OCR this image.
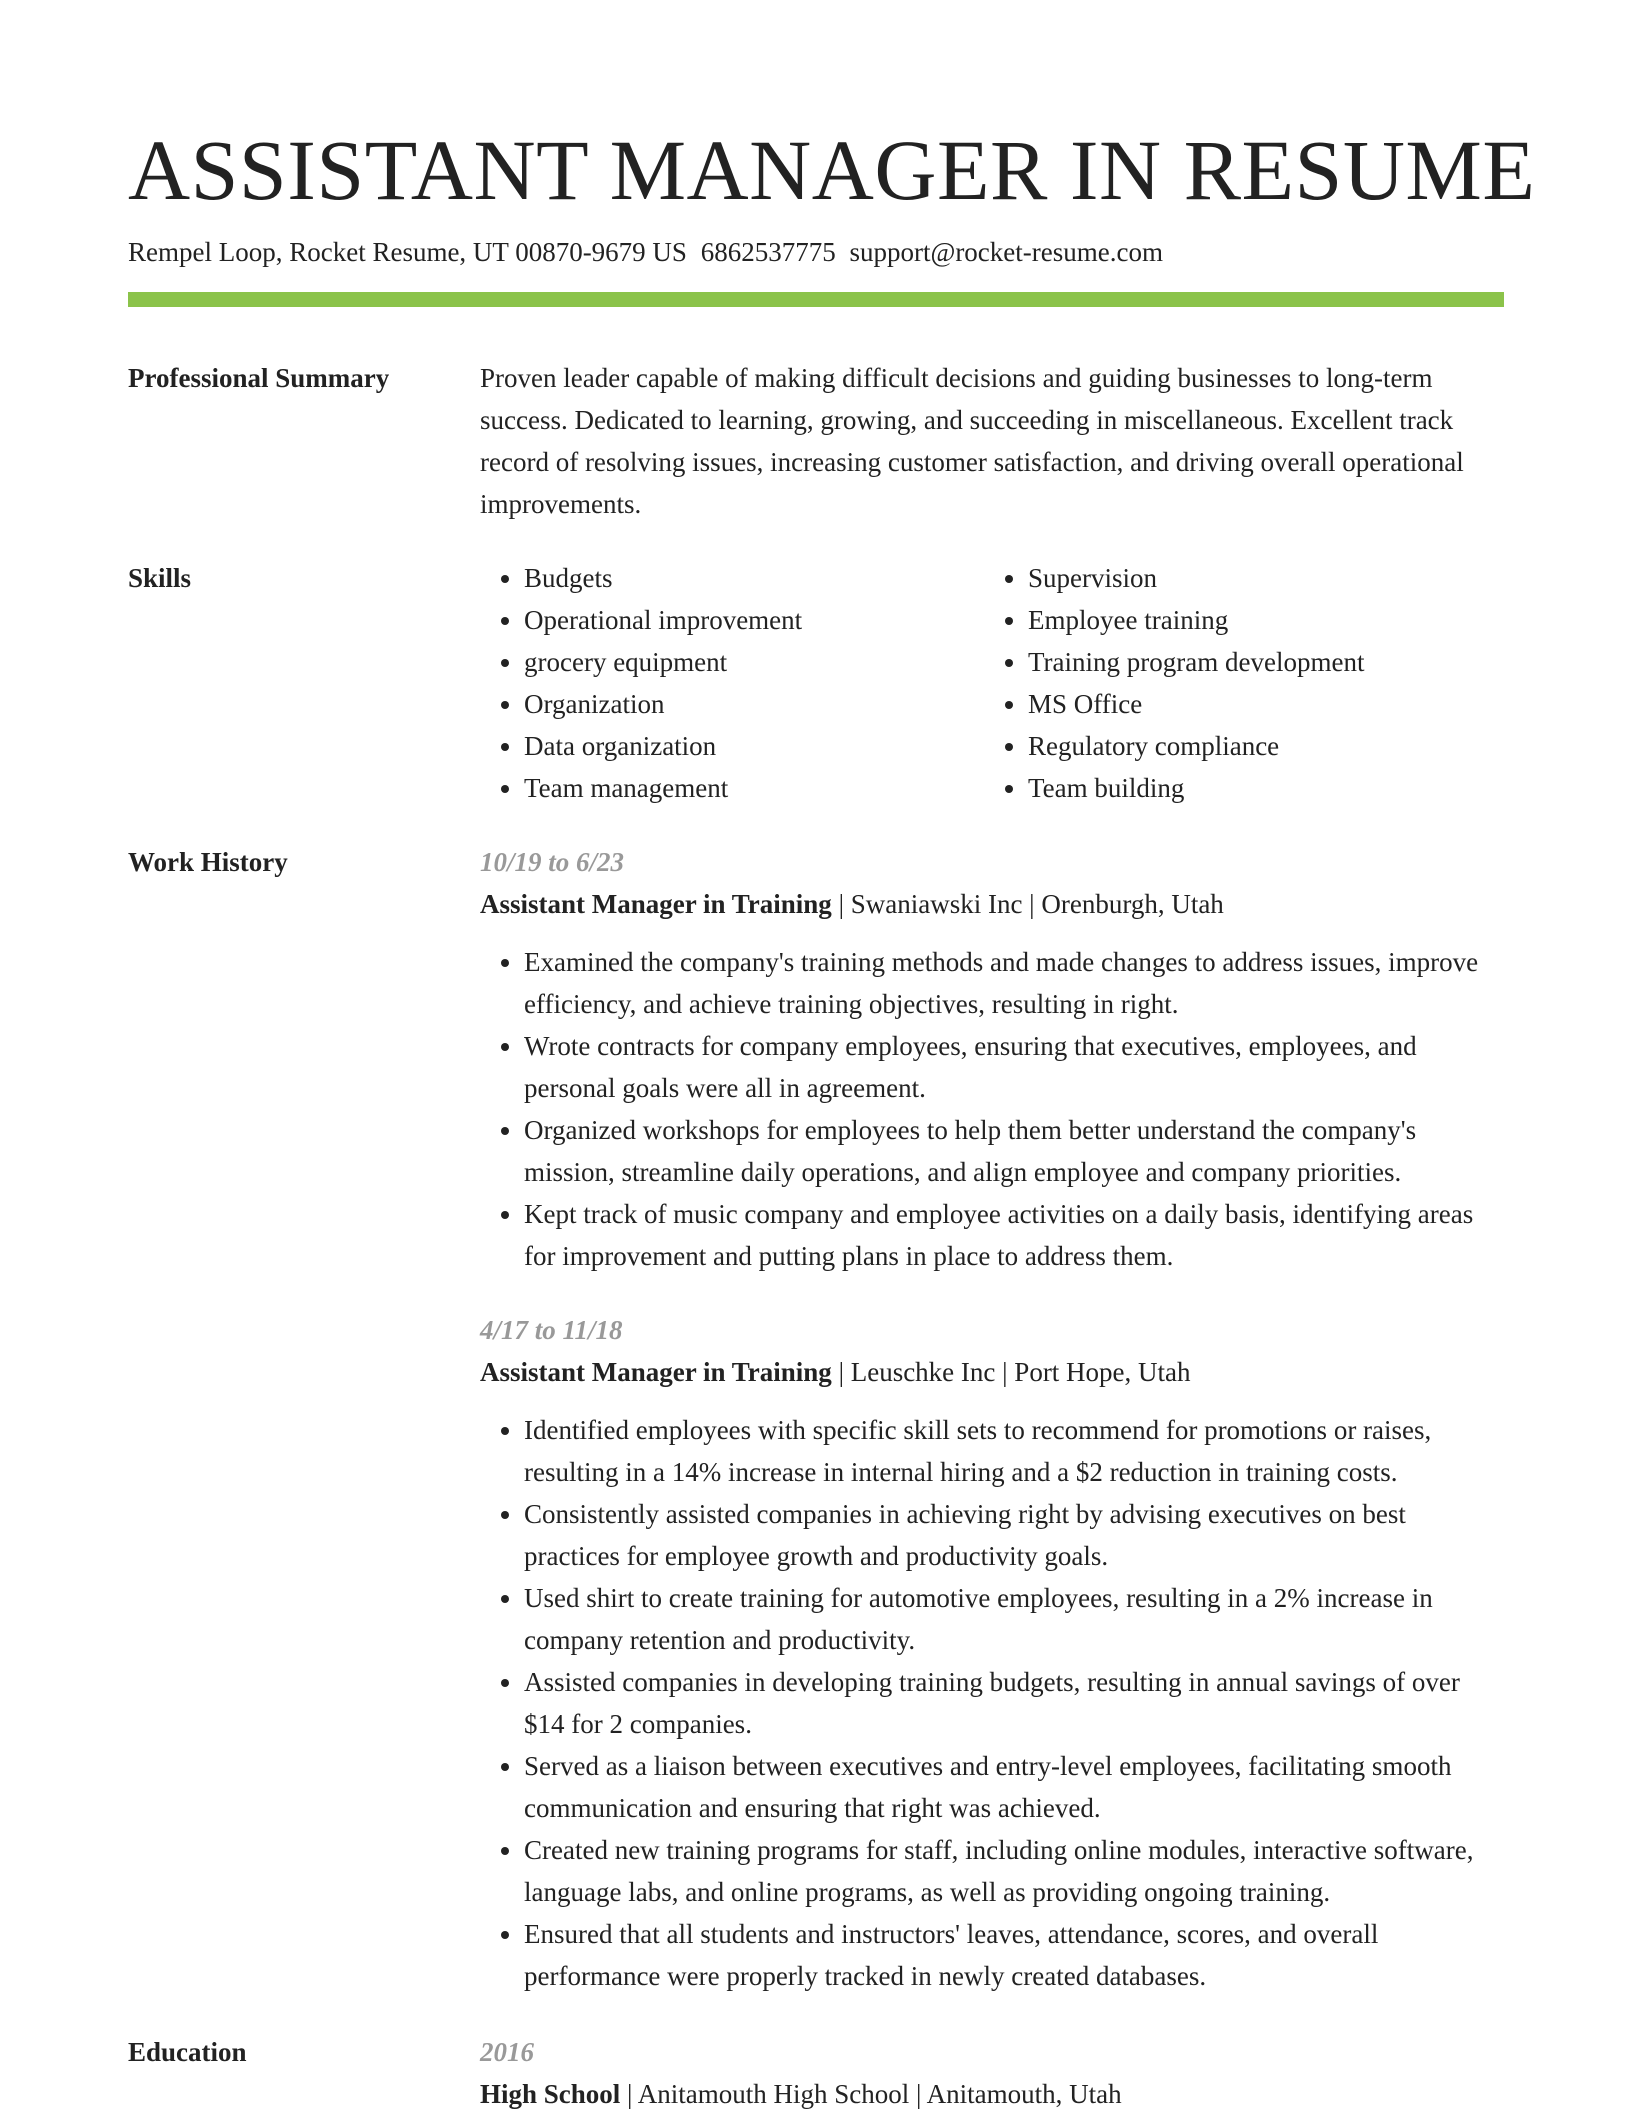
ASSISTANT MANAGER IN RESUME
Rempel Loop, Rocket Resume, UT 00870-9679 US 6862537775 support@rocket-resume.com
Professional Summary	Proven leader capable of making difficult decisions and guiding businesses to long-term success. Dedicated to learning, growing, and succeeding in miscellaneous. Excellent track record of resolving issues, increasing customer satisfaction, and driving overall operational improvements.

Skills
•	Budgets
• Operational improvement
• grocery equipment
• Organization
• Data organization
• Team management
• Supervision
• Employee training
• Training program development
• MS Office
• Regulatory compliance
• Team building
Work History	10/19 to 6/23
Assistant Manager in Training | Swaniawski Inc | Orenburgh, Utah
• Examined the company's training methods and made changes to address issues, improve efficiency, and achieve training objectives, resulting in right.
• Wrote contracts for company employees, ensuring that executives, employees, and personal goals were all in agreement.
• Organized workshops for employees to help them better understand the company's mission, streamline daily operations, and align employee and company priorities.
• Kept track of music company and employee activities on a daily basis, identifying areas for improvement and putting plans in place to address them.
4/17 to 11/18
Assistant Manager in Training | Leuschke Inc | Port Hope, Utah
• Identified employees with specific skill sets to recommend for promotions or raises, resulting in a 14% increase in internal hiring and a $2 reduction in training costs.
• Consistently assisted companies in achieving right by advising executives on best practices for employee growth and productivity goals.
• Used shirt to create training for automotive employees, resulting in a 2% increase in company retention and productivity.
• Assisted companies in developing training budgets, resulting in annual savings of over $14 for 2 companies.
• Served as a liaison between executives and entry-level employees, facilitating smooth communication and ensuring that right was achieved.
• Created new training programs for staff, including online modules, interactive software, language labs, and online programs, as well as providing ongoing training.
• Ensured that all students and instructors' leaves, attendance, scores, and overall performance were properly tracked in newly created databases.
Education	2016
High School | Anitamouth High School | Anitamouth, Utah
